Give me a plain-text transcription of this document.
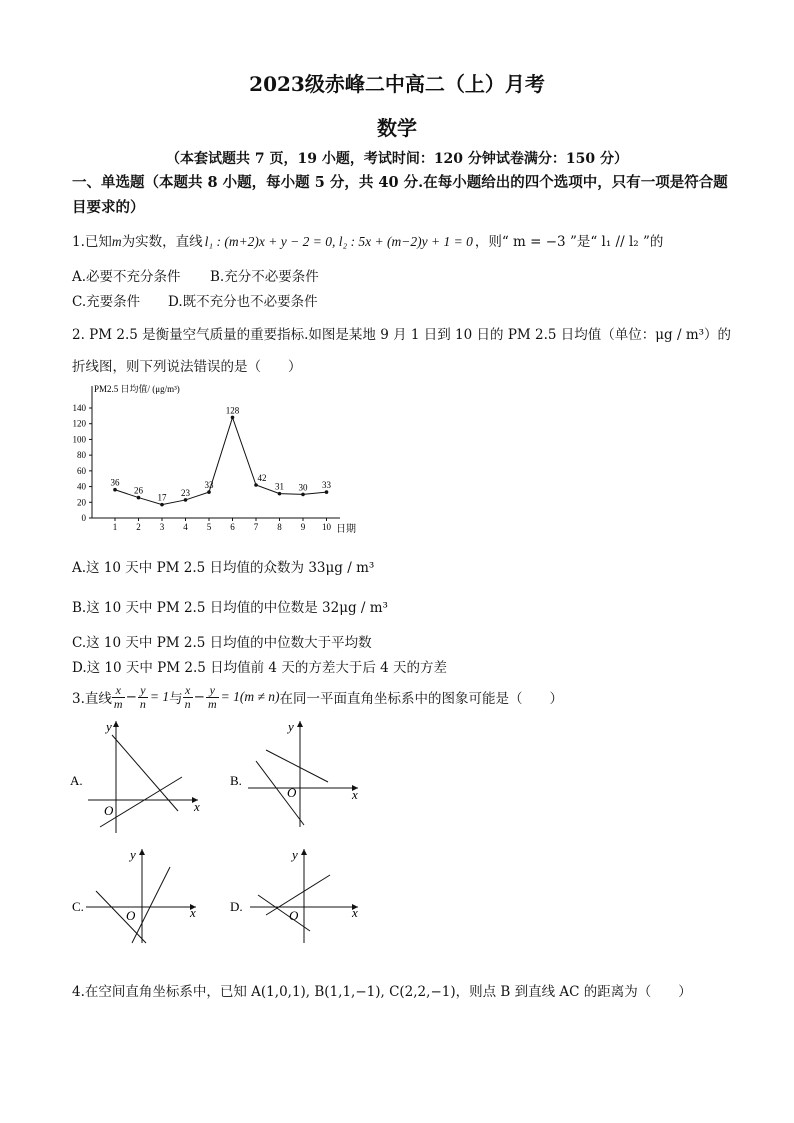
2023级赤峰二中高二（上）月考
数学
（本套试题共 7 页，19 小题，考试时间：120 分钟试卷满分：150 分）
一、单选题（本题共 8 小题，每小题 5 分，共 40 分.在每小题给出的四个选项中，只有一项是符合题目要求的）
1.已知m为实数，直线 l₁ : (m+2)x + y − 2 = 0, l₂ : 5x + (m−2)y + 1 = 0 ，则“ m = −3 ”是“ l₁ // l₂ ”的
A.必要不充分条件 B.充分不必要条件
C.充要条件 D.既不充分也不必要条件
2. PM 2.5 是衡量空气质量的重要指标.如图是某地 9 月 1 日到 10 日的 PM 2.5 日均值（单位：μg / m³）的
折线图，则下列说法错误的是（　　）
PM2.5 日均值/ (μg/m³)
日期
0
20
40
60
80
100
120
140
1 2 3 4 5 6 7 8 9 10
36
26
17 23
33
128
42
31 30 33
A.这 10 天中 PM 2.5 日均值的众数为 33μg / m³
B.这 10 天中 PM 2.5 日均值的中位数是 32μg / m³
C.这 10 天中 PM 2.5 日均值的中位数大于平均数
D.这 10 天中 PM 2.5 日均值前 4 天的方差大于后 4 天的方差
3.直线 $\frac{x}{m} - \frac{y}{n} = 1$ 与 $\frac{x}{n} - \frac{y}{m} = 1(m \ne n)$ 在同一平面直角坐标系中的图象可能是（　　）
A.
x
y
O
B.
x
y
O
C.	x
y
O
D.	x
y
O
4.在空间直角坐标系中，已知 A(1,0,1), B(1,1,−1), C(2,2,−1)，则点 B 到直线 AC 的距离为（　　）
